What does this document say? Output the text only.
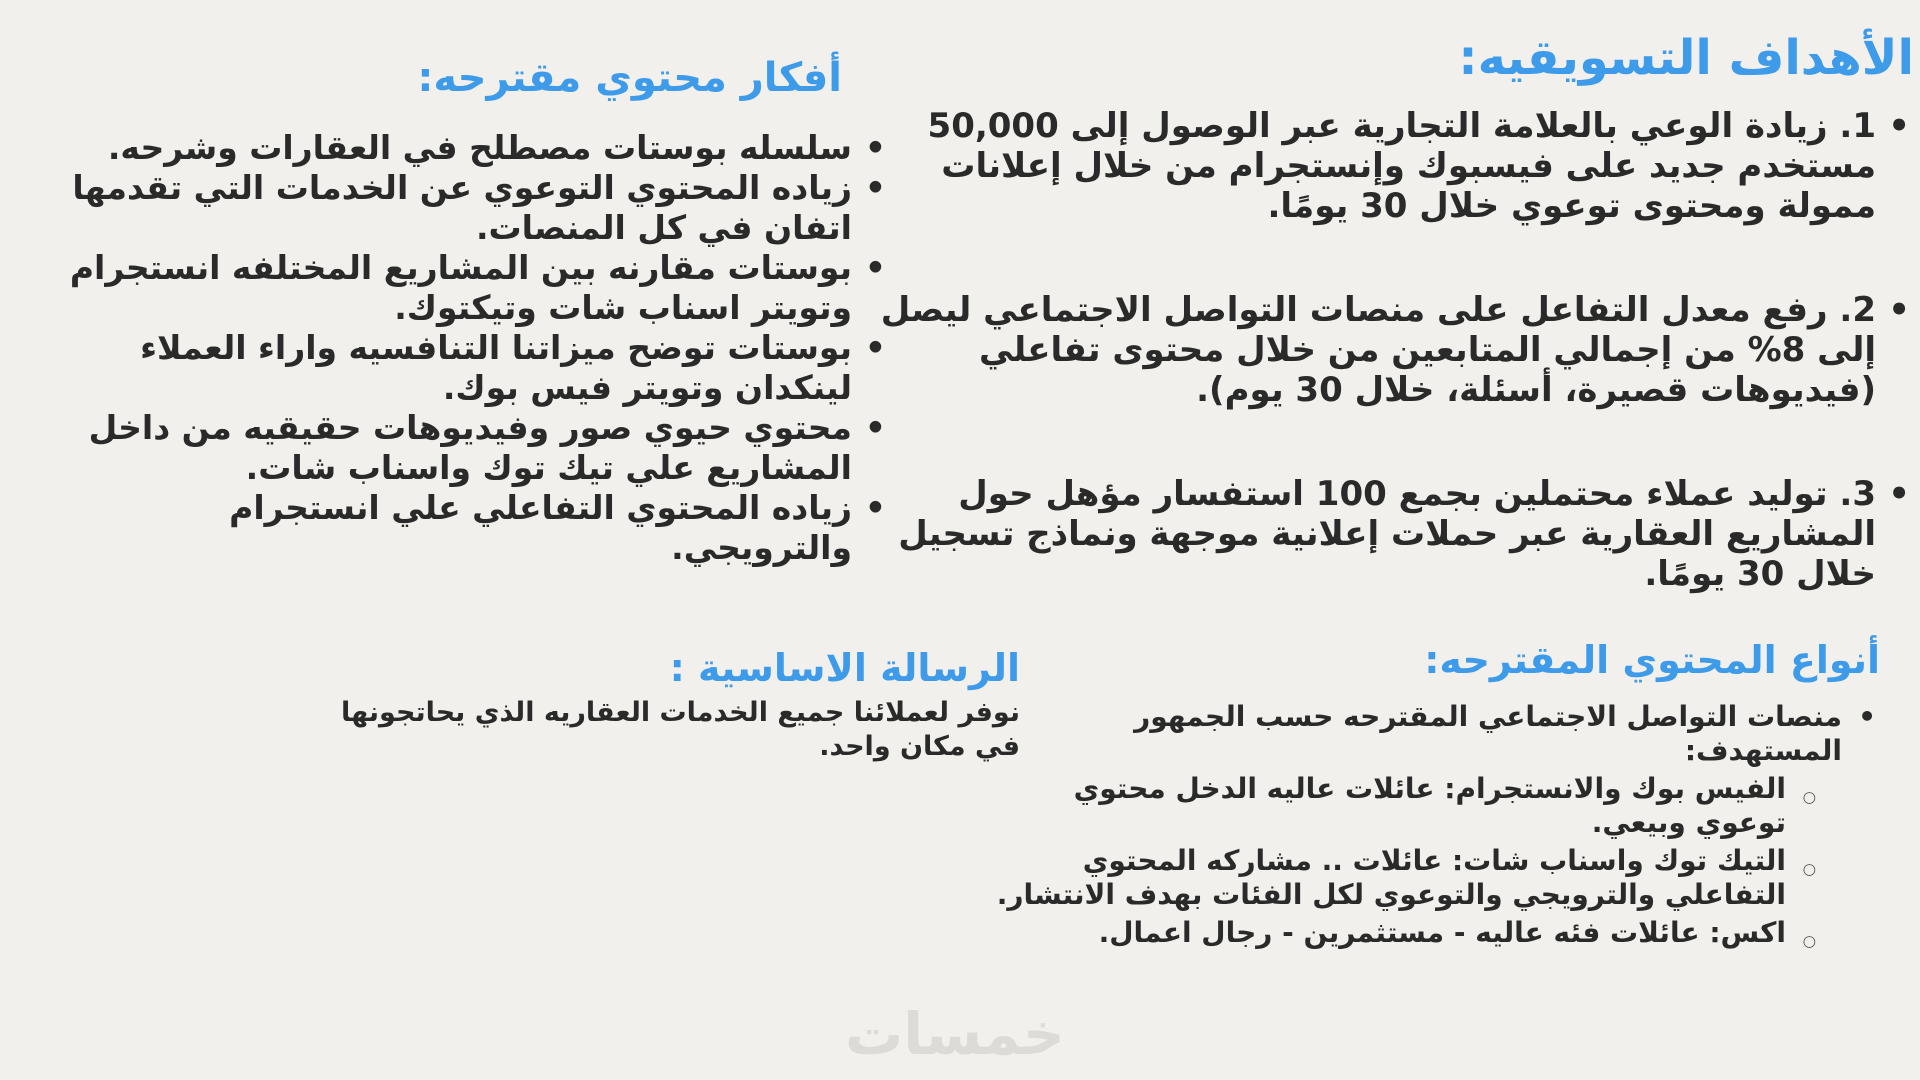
الأهداف التسويقيه:
• 1. زيادة الوعي بالعلامة التجارية عبر الوصول إلى 50,000 مستخدم جديد على فيسبوك وإنستجرام من خلال إعلانات ممولة ومحتوى توعوي خلال 30 يومًا.
• 2. رفع معدل التفاعل على منصات التواصل الاجتماعي ليصل إلى 8% من إجمالي المتابعين من خلال محتوى تفاعلي (فيديوهات قصيرة، أسئلة، خلال 30 يوم).
• 3. توليد عملاء محتملين بجمع 100 استفسار مؤهل حول المشاريع العقارية عبر حملات إعلانية موجهة ونماذج تسجيل خلال 30 يومًا.
أفكار محتوي مقترحه:
• سلسله بوستات مصطلح في العقارات وشرحه.
• زياده المحتوي التوعوي عن الخدمات التي تقدمها اتفان في كل المنصات.
• بوستات مقارنه بين المشاريع المختلفه انستجرام وتويتر اسناب شات وتيكتوك.
• بوستات توضح ميزاتنا التنافسيه واراء العملاء لينكدان وتويتر فيس بوك.
• محتوي حيوي صور وفيديوهات حقيقيه من داخل المشاريع علي تيك توك واسناب شات.
• زياده المحتوي التفاعلي علي انستجرام والترويجي.
أنواع المحتوي المقترحه:
• منصات التواصل الاجتماعي المقترحه حسب الجمهور المستهدف:
○ الفيس بوك والانستجرام: عائلات عاليه الدخل محتوي توعوي وبيعي.
○ التيك توك واسناب شات: عائلات .. مشاركه المحتوي التفاعلي والترويجي والتوعوي لكل الفئات بهدف الانتشار.
○ اكس: عائلات فئه عاليه - مستثمرين - رجال اعمال.
الرسالة الاساسية :

نوفر لعملائنا جميع الخدمات العقاريه الذي يحاتجونها في مكان واحد.

خمسات
